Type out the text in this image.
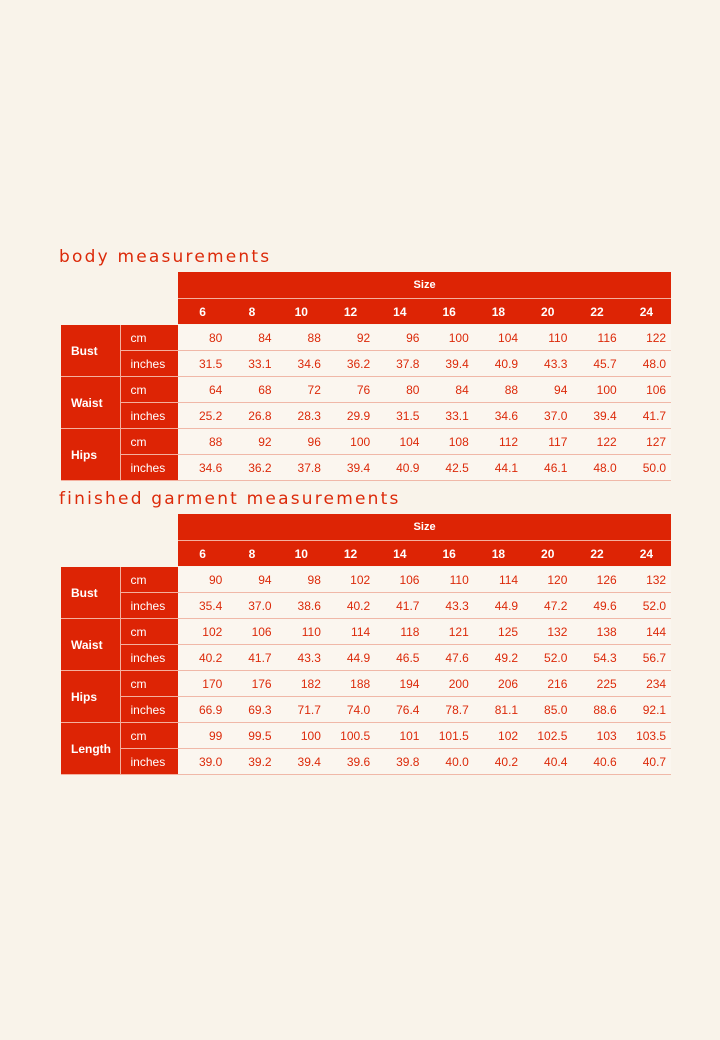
body measurements
		Size									
		6	8	10	12	14	16	18	20	22	24

Bust	cm	80	84	88	92	96	100	104	110	116	122
	inches	31.5	33.1	34.6	36.2	37.8	39.4	40.9	43.3	45.7	48.0
Waist	cm	64	68	72	76	80	84	88	94	100	106
	inches	25.2	26.8	28.3	29.9	31.5	33.1	34.6	37.0	39.4	41.7
Hips	cm	88	92	96	100	104	108	112	117	122	127
	inches	34.6	36.2	37.8	39.4	40.9	42.5	44.1	46.1	48.0	50.0
finished garment measurements
		Size									
		6	8	10	12	14	16	18	20	22	24

Bust	cm	90	94	98	102	106	110	114	120	126	132
	inches	35.4	37.0	38.6	40.2	41.7	43.3	44.9	47.2	49.6	52.0
Waist	cm	102	106	110	114	118	121	125	132	138	144
	inches	40.2	41.7	43.3	44.9	46.5	47.6	49.2	52.0	54.3	56.7
Hips	cm	170	176	182	188	194	200	206	216	225	234
	inches	66.9	69.3	71.7	74.0	76.4	78.7	81.1	85.0	88.6	92.1
Length	cm	99	99.5	100	100.5	101	101.5	102	102.5	103	103.5
	inches	39.0	39.2	39.4	39.6	39.8	40.0	40.2	40.4	40.6	40.7
